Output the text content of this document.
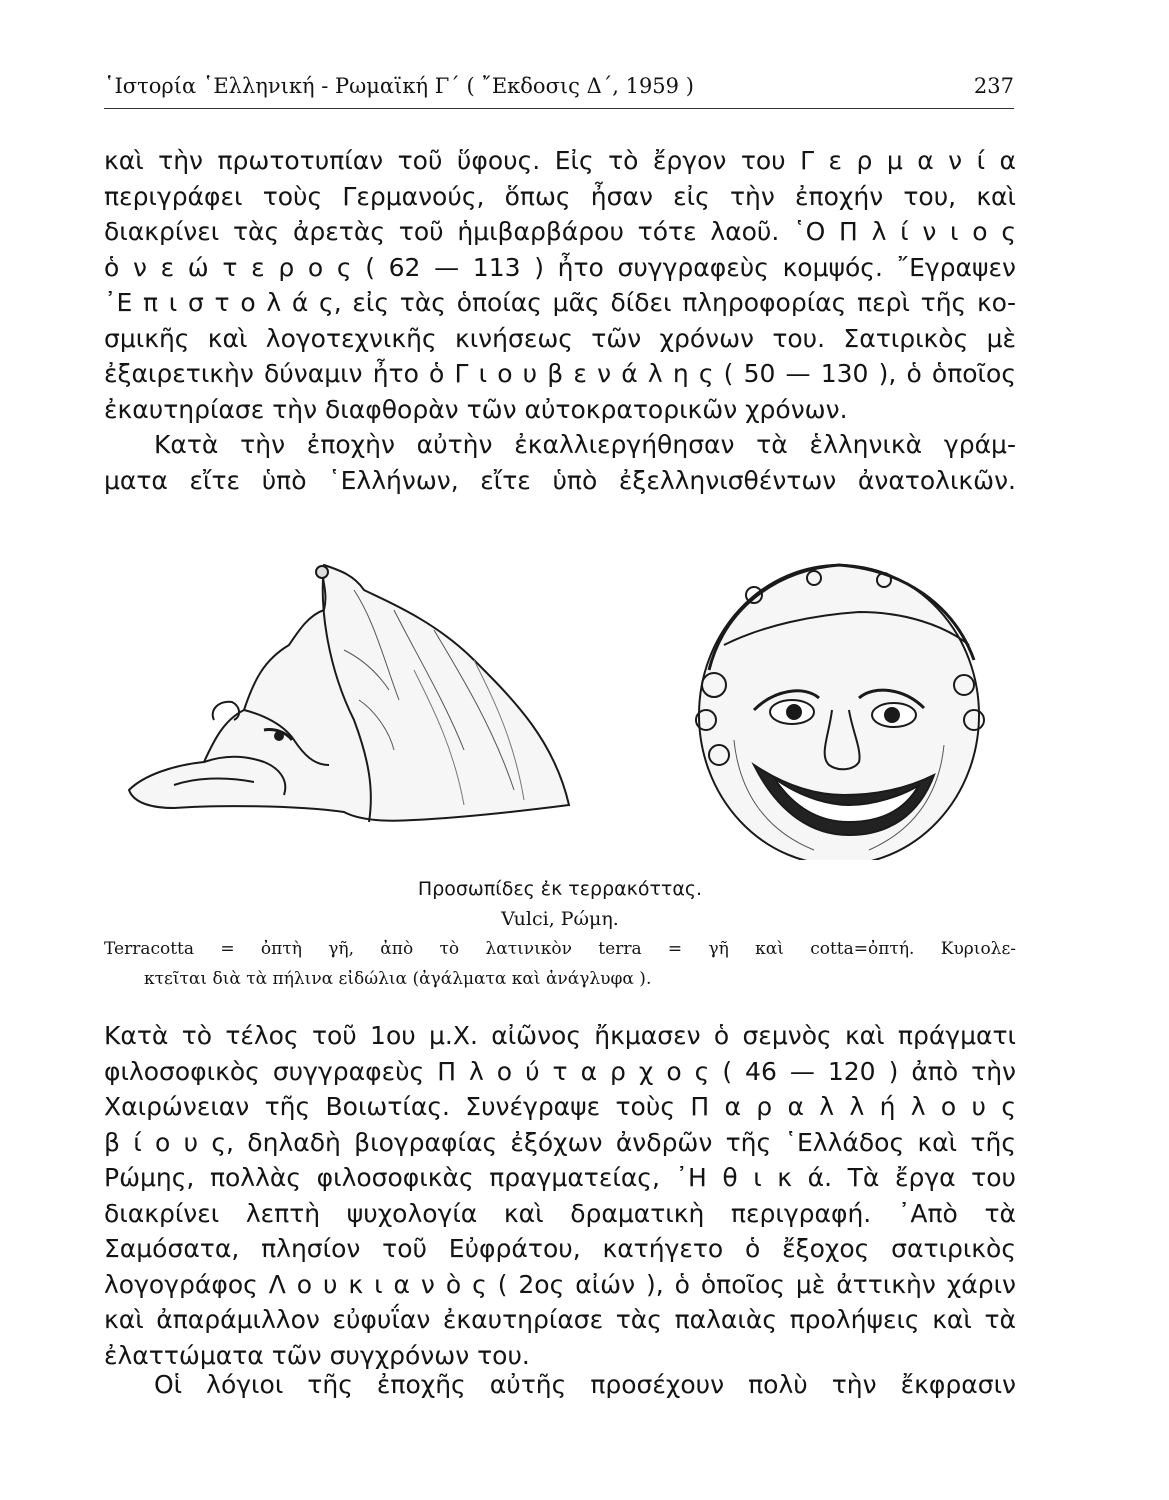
῾Ιστορία ῾Ελληνική - Ρωμαϊκή Γ΄ ( ῎Εκδοσις Δ΄, 1959 )	237
καὶ τὴν πρωτοτυπίαν τοῦ ὕφους. Εἰς τὸ ἔργον του Γ ε ρ μ α ν ί α
περιγράφει τοὺς Γερμανούς, ὅπως ἦσαν εἰς τὴν ἐποχήν του, καὶ
διακρίνει τὰς ἀρετὰς τοῦ ἡμιβαρβάρου τότε λαοῦ. ῾Ο Π λ ί ν ι ο ς
ὁ ν ε ώ τ ε ρ ο ς ( 62 — 113 ) ἦτο συγγραφεὺς κομψός. ῎Εγραψεν
᾿Ε π ι σ τ ο λ ά ς, εἰς τὰς ὁποίας μᾶς δίδει πληροφορίας περὶ τῆς κο-
σμικῆς καὶ λογοτεχνικῆς κινήσεως τῶν χρόνων του. Σατιρικὸς μὲ
ἐξαιρετικὴν δύναμιν ἦτο ὁ Γ ι ο υ β ε ν ά λ η ς ( 50 — 130 ), ὁ ὁποῖος
ἐκαυτηρίασε τὴν διαφθορὰν τῶν αὐτοκρατορικῶν χρόνων.
Κατὰ τὴν ἐποχὴν αὐτὴν ἐκαλλιεργήθησαν τὰ ἑλληνικὰ γράμ-
ματα εἴτε ὑπὸ ῾Ελλήνων, εἴτε ὑπὸ ἐξελληνισθέντων ἀνατολικῶν.
Προσωπίδες ἐκ τερρακόττας.
Vulci, Ρώμη.
Terracotta = ὀπτὴ γῆ, ἀπὸ τὸ λατινικὸν terra = γῆ καὶ cotta=ὀπτή. Κυριολε-
κτεῖται διὰ τὰ πήλινα εἰδώλια (ἀγάλματα καὶ ἀνάγλυφα ).
Κατὰ τὸ τέλος τοῦ 1ου μ.Χ. αἰῶνος ἤκμασεν ὁ σεμνὸς καὶ πράγματι
φιλοσοφικὸς συγγραφεὺς Π λ ο ύ τ α ρ χ ο ς ( 46 — 120 ) ἀπὸ τὴν
Χαιρώνειαν τῆς Βοιωτίας. Συνέγραψε τοὺς Π α ρ α λ λ ή λ ο υ ς
β ί ο υ ς, δηλαδὴ βιογραφίας ἐξόχων ἀνδρῶν τῆς ῾Ελλάδος καὶ τῆς
Ρώμης, πολλὰς φιλοσοφικὰς πραγματείας, ᾿Η θ ι κ ά. Τὰ ἔργα του
διακρίνει λεπτὴ ψυχολογία καὶ δραματικὴ περιγραφή. ᾿Απὸ τὰ
Σαμόσατα, πλησίον τοῦ Εὐφράτου, κατήγετο ὁ ἔξοχος σατιρικὸς
λογογράφος Λ ο υ κ ι α ν ὸ ς ( 2ος αἰών ), ὁ ὁποῖος μὲ ἀττικὴν χάριν
καὶ ἀπαράμιλλον εὐφυΐαν ἐκαυτηρίασε τὰς παλαιὰς προλήψεις καὶ τὰ
ἐλαττώματα τῶν συγχρόνων του.
Οἱ λόγιοι τῆς ἐποχῆς αὐτῆς προσέχουν πολὺ τὴν ἔκφρασιν
